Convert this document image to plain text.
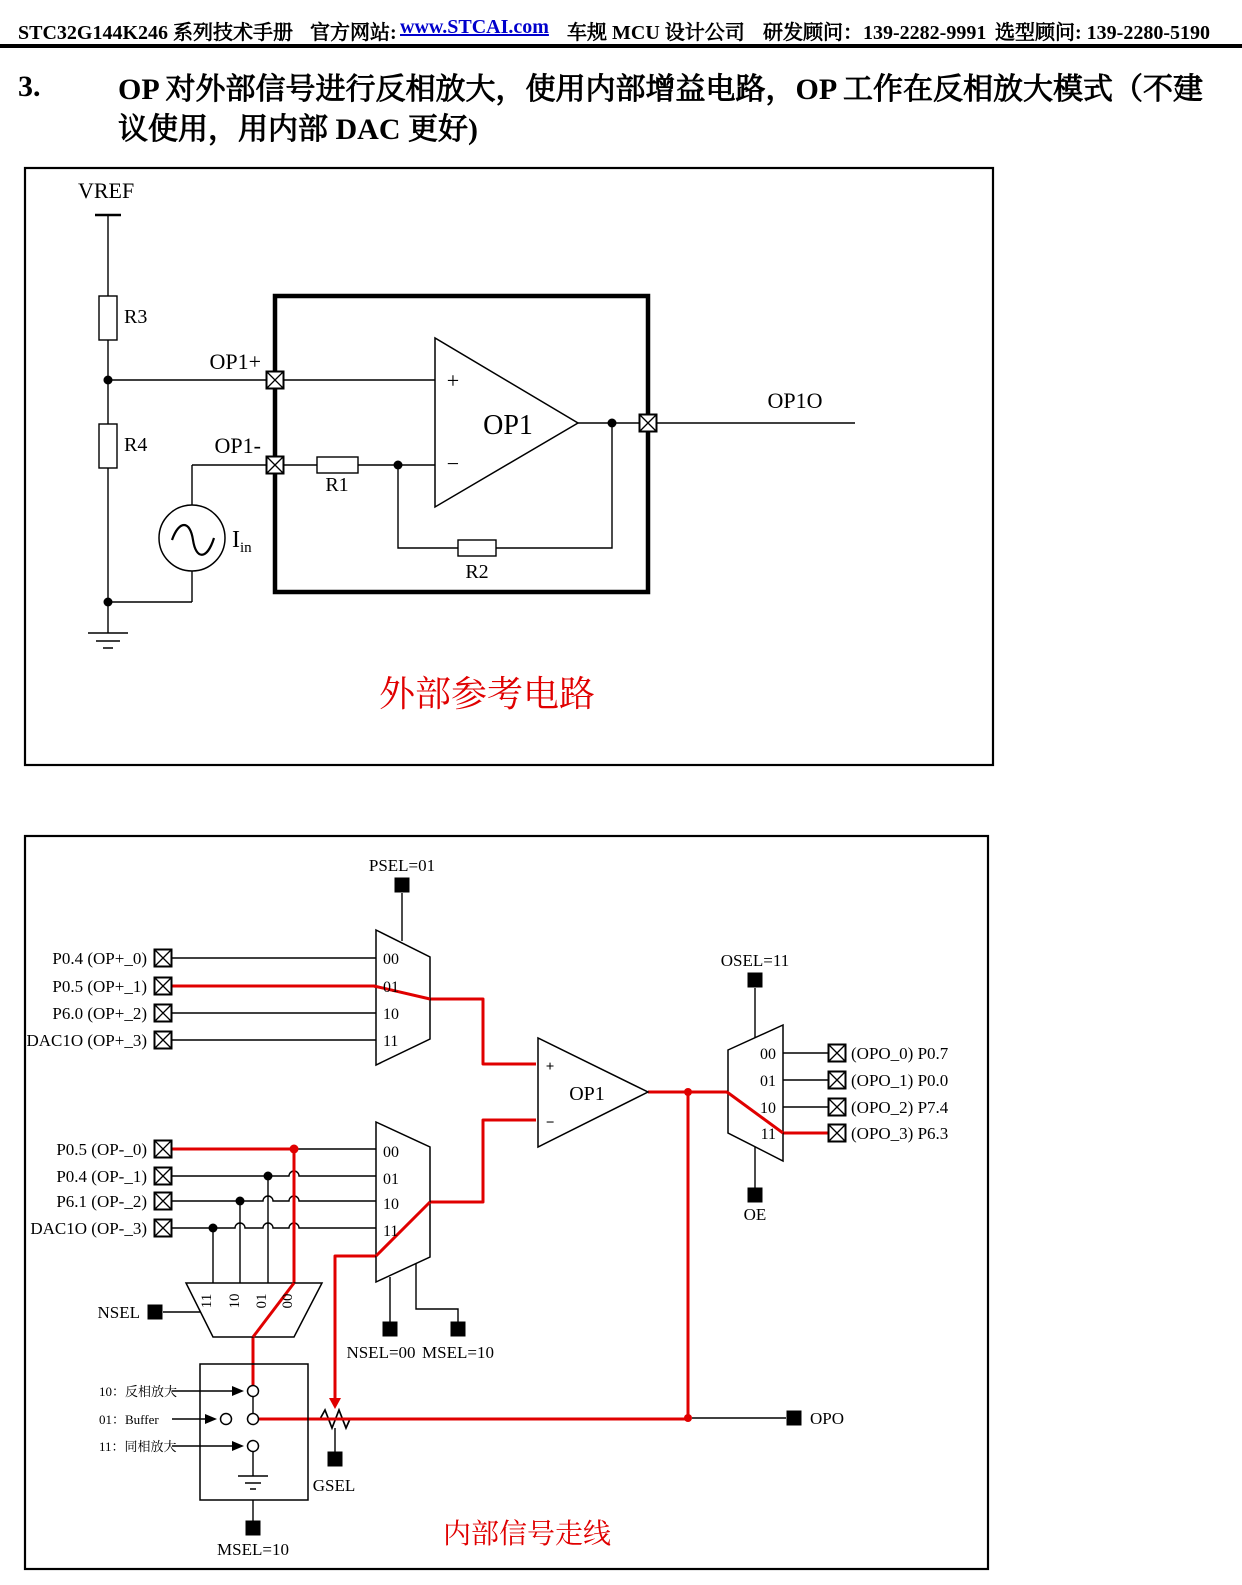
STC32G144K246 系列技术手册 官方网站: www.STCAI.com 车规 MCU 设计公司 研发顾问：139-2282-9991 选型顾问: 139-2280-5190
3.	OP 对外部信号进行反相放大，使用内部增益电路，OP 工作在反相放大模式（不建
议使用，用内部 DAC 更好)
VREF
R3
R4
OP1+
OP1-
R1
R2
+
−
OP1
OP1O
Iin
外部参考电路
PSEL=01
P0.4 (OP+_0)
P0.5 (OP+_1)
P6.0 (OP+_2)
DAC1O (OP+_3)
00
01
10
11
OSEL=11
00
01
10
11
(OPO_0) P0.7
(OPO_1) P0.0
(OPO_2) P7.4
(OPO_3) P6.3
OE
P0.5 (OP-_0)
P0.4 (OP-_1)
P6.1 (OP-_2)
DAC1O (OP-_3)
00
01
10
11
NSEL
11 10 01 00
NSEL=00 MSEL=10
10：反相放大
01：Buffer
11：同相放大
GSEL
MSEL=10
OPO
OP1
+
−
内部信号走线
